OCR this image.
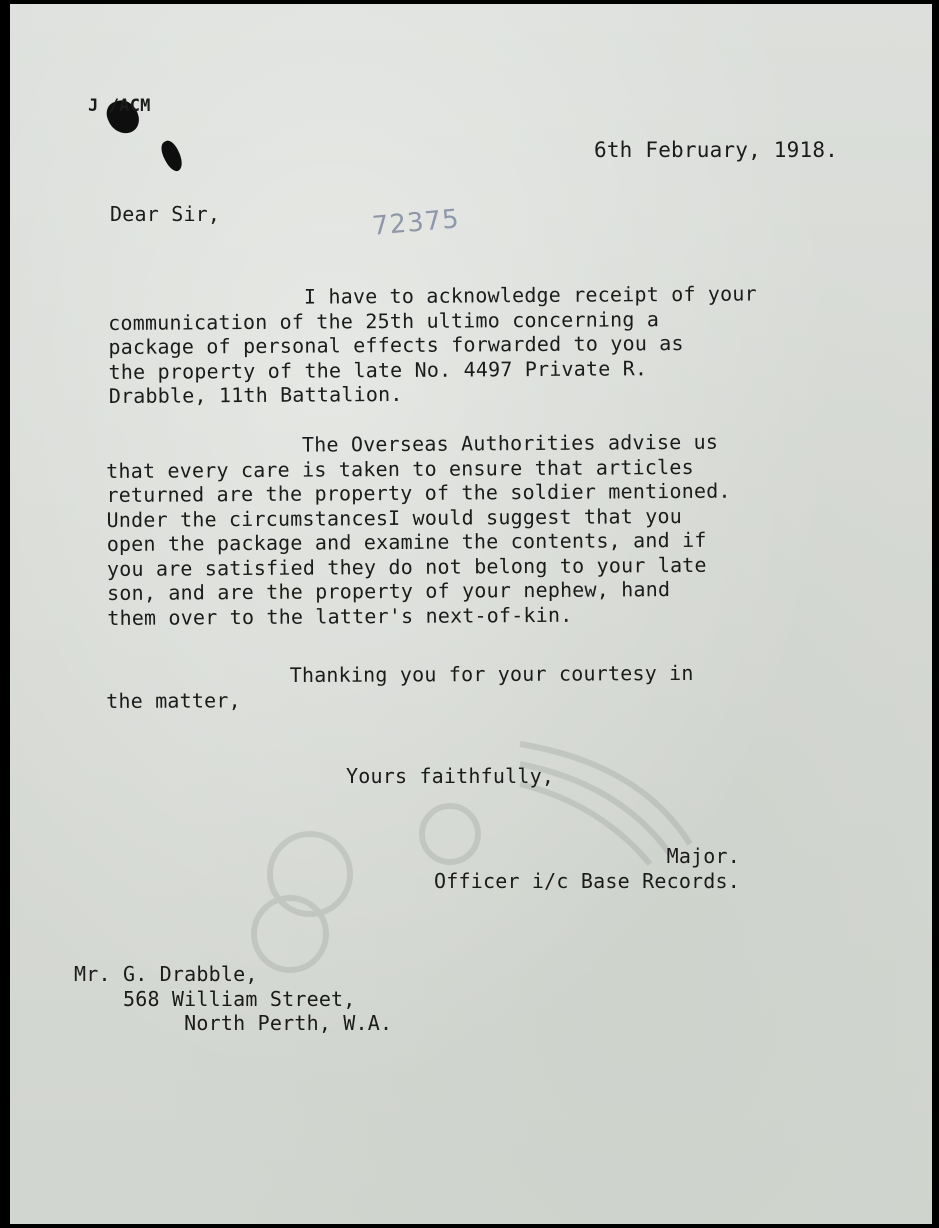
J /ACM
6th February, 1918.
Dear Sir,	72375
I have to acknowledge receipt of your
communication of the 25th ultimo concerning a
package of personal effects forwarded to you as
the property of the late No. 4497 Private R.
Drabble, 11th Battalion.
The Overseas Authorities advise us
that every care is taken to ensure that articles
returned are the property of the soldier mentioned.
Under the circumstancesI would suggest that you
open the package and examine the contents, and if
you are satisfied they do not belong to your late
son, and are the property of your nephew, hand
them over to the latter's next-of-kin.
Thanking you for your courtesy in
the matter,
Yours faithfully,
Major.
Officer i/c Base Records.
Mr. G. Drabble,
568 William Street,
North Perth, W.A.
